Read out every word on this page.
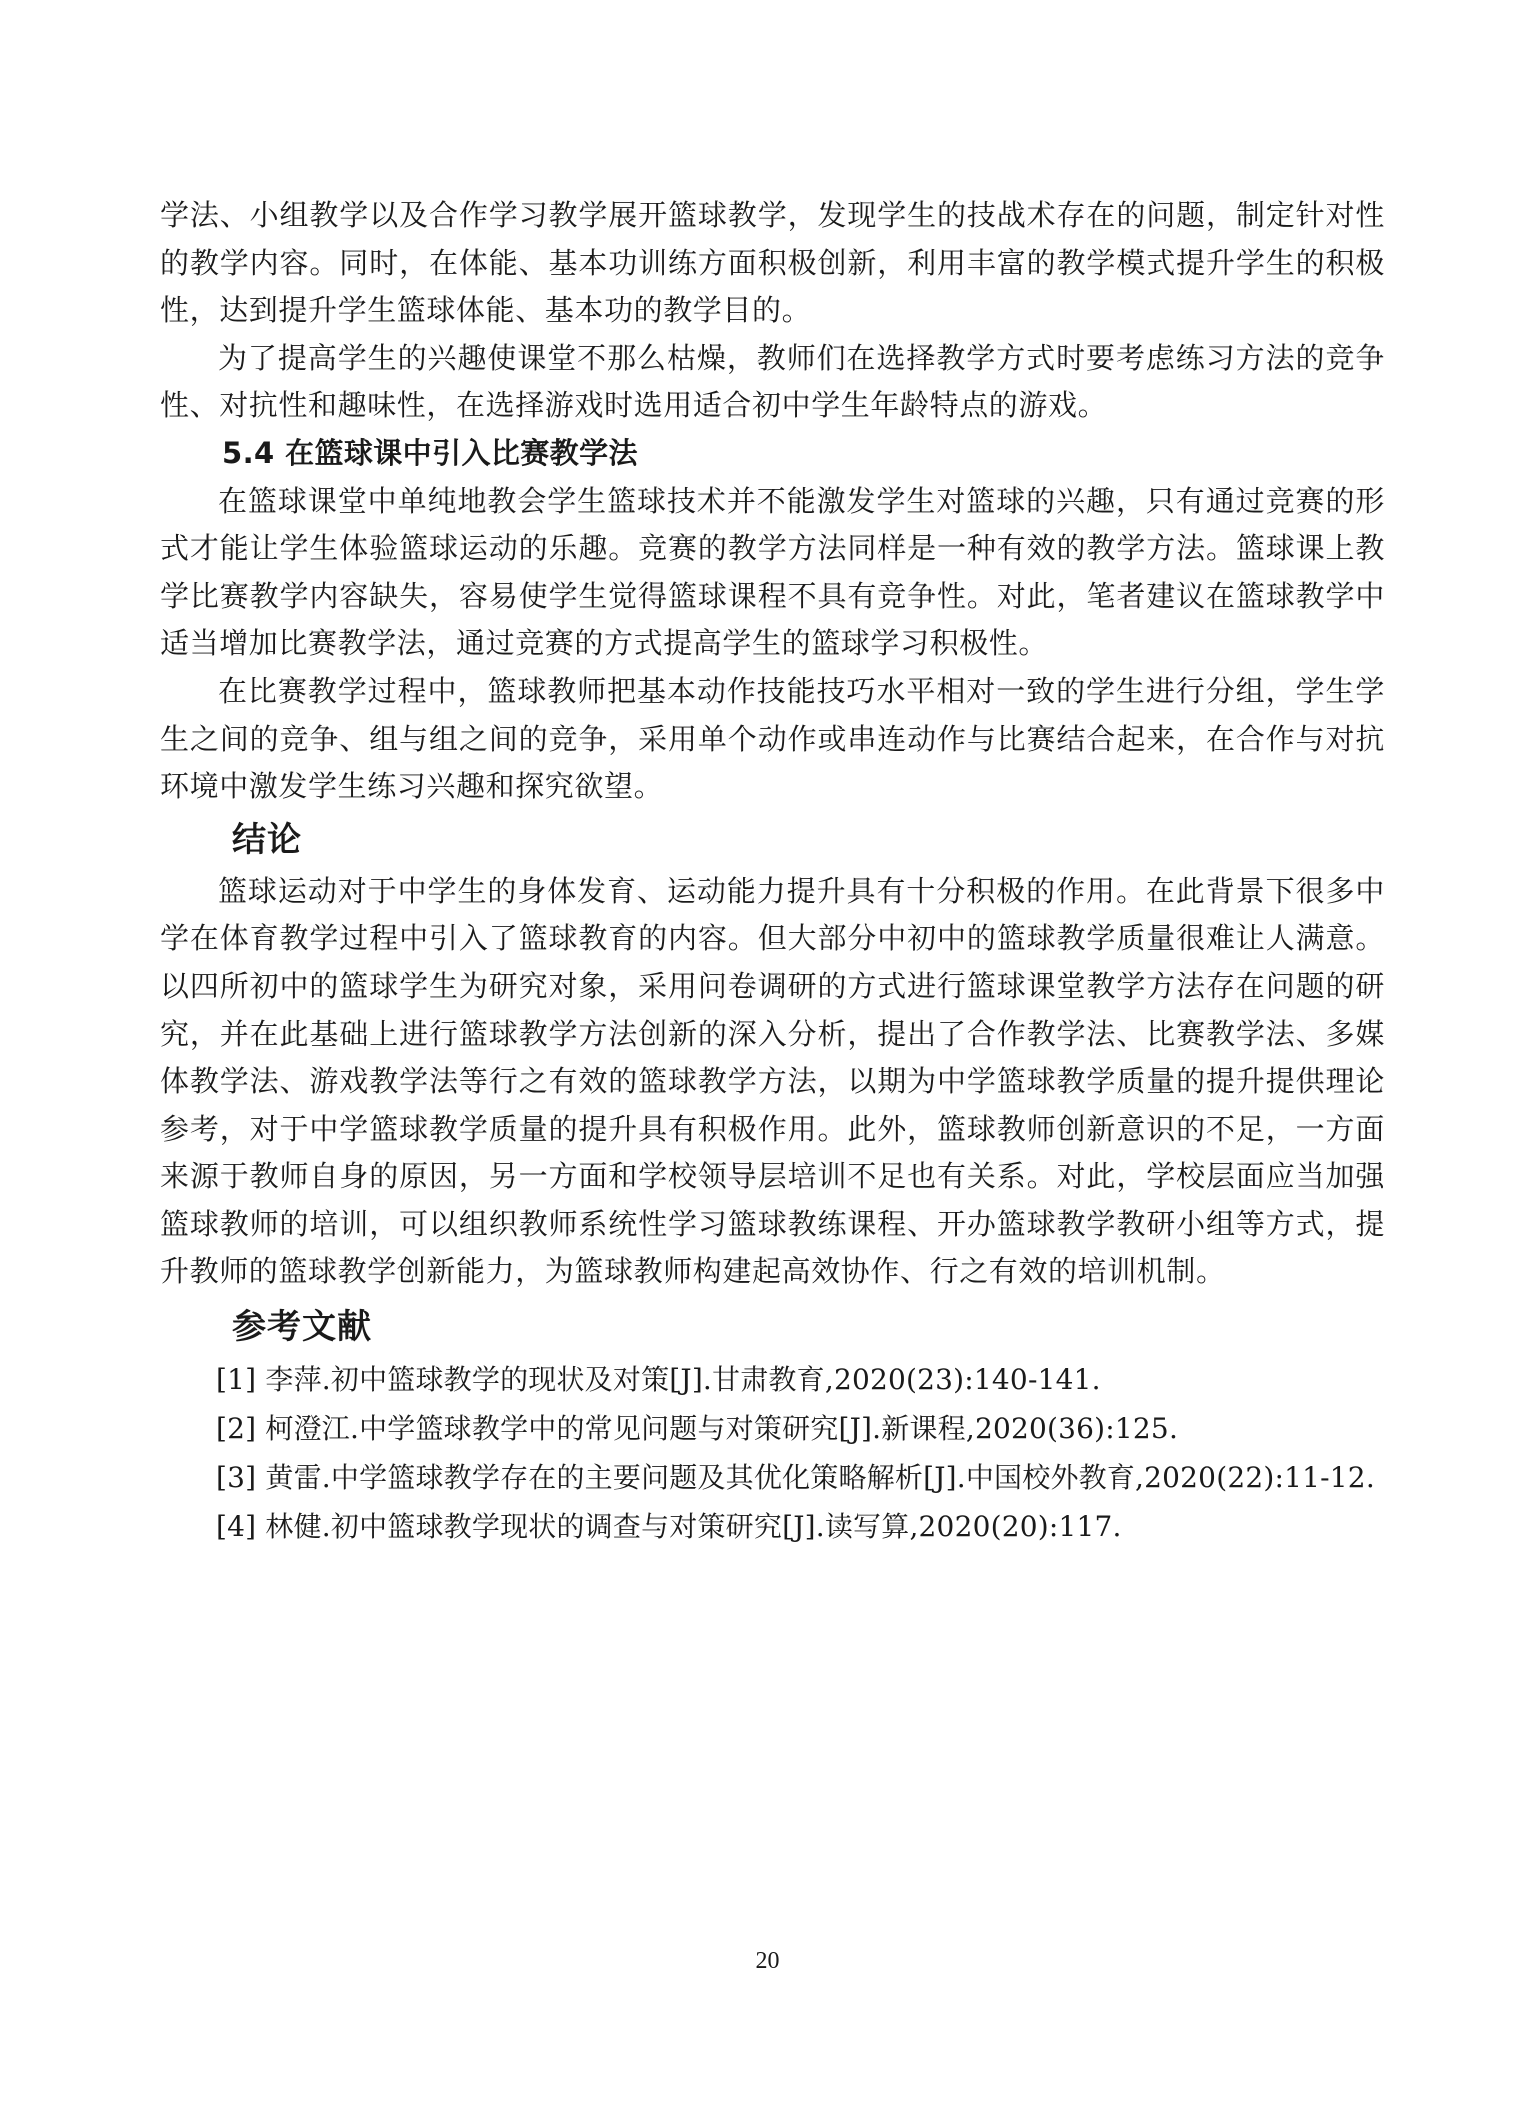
学法、小组教学以及合作学习教学展开篮球教学，发现学生的技战术存在的问题，制定针对性的教学内容。同时，在体能、基本功训练方面积极创新，利用丰富的教学模式提升学生的积极性，达到提升学生篮球体能、基本功的教学目的。

为了提高学生的兴趣使课堂不那么枯燥，教师们在选择教学方式时要考虑练习方法的竞争性、对抗性和趣味性，在选择游戏时选用适合初中学生年龄特点的游戏。

5.4 在篮球课中引入比赛教学法

在篮球课堂中单纯地教会学生篮球技术并不能激发学生对篮球的兴趣，只有通过竞赛的形式才能让学生体验篮球运动的乐趣。竞赛的教学方法同样是一种有效的教学方法。篮球课上教学比赛教学内容缺失，容易使学生觉得篮球课程不具有竞争性。对此，笔者建议在篮球教学中适当增加比赛教学法，通过竞赛的方式提高学生的篮球学习积极性。

在比赛教学过程中，篮球教师把基本动作技能技巧水平相对一致的学生进行分组，学生学生之间的竞争、组与组之间的竞争，采用单个动作或串连动作与比赛结合起来，在合作与对抗环境中激发学生练习兴趣和探究欲望。

结论

篮球运动对于中学生的身体发育、运动能力提升具有十分积极的作用。在此背景下很多中学在体育教学过程中引入了篮球教育的内容。但大部分中初中的篮球教学质量很难让人满意。以四所初中的篮球学生为研究对象，采用问卷调研的方式进行篮球课堂教学方法存在问题的研究，并在此基础上进行篮球教学方法创新的深入分析，提出了合作教学法、比赛教学法、多媒体教学法、游戏教学法等行之有效的篮球教学方法，以期为中学篮球教学质量的提升提供理论参考，对于中学篮球教学质量的提升具有积极作用。此外，篮球教师创新意识的不足，一方面来源于教师自身的原因，另一方面和学校领导层培训不足也有关系。对此，学校层面应当加强篮球教师的培训，可以组织教师系统性学习篮球教练课程、开办篮球教学教研小组等方式，提升教师的篮球教学创新能力，为篮球教师构建起高效协作、行之有效的培训机制。

参考文献

[1] 李萍.初中篮球教学的现状及对策[J].甘肃教育,2020(23):140-141.

[2] 柯澄江.中学篮球教学中的常见问题与对策研究[J].新课程,2020(36):125.

[3] 黄雷.中学篮球教学存在的主要问题及其优化策略解析[J].中国校外教育,2020(22):11-12.

[4] 林健.初中篮球教学现状的调查与对策研究[J].读写算,2020(20):117.

20
